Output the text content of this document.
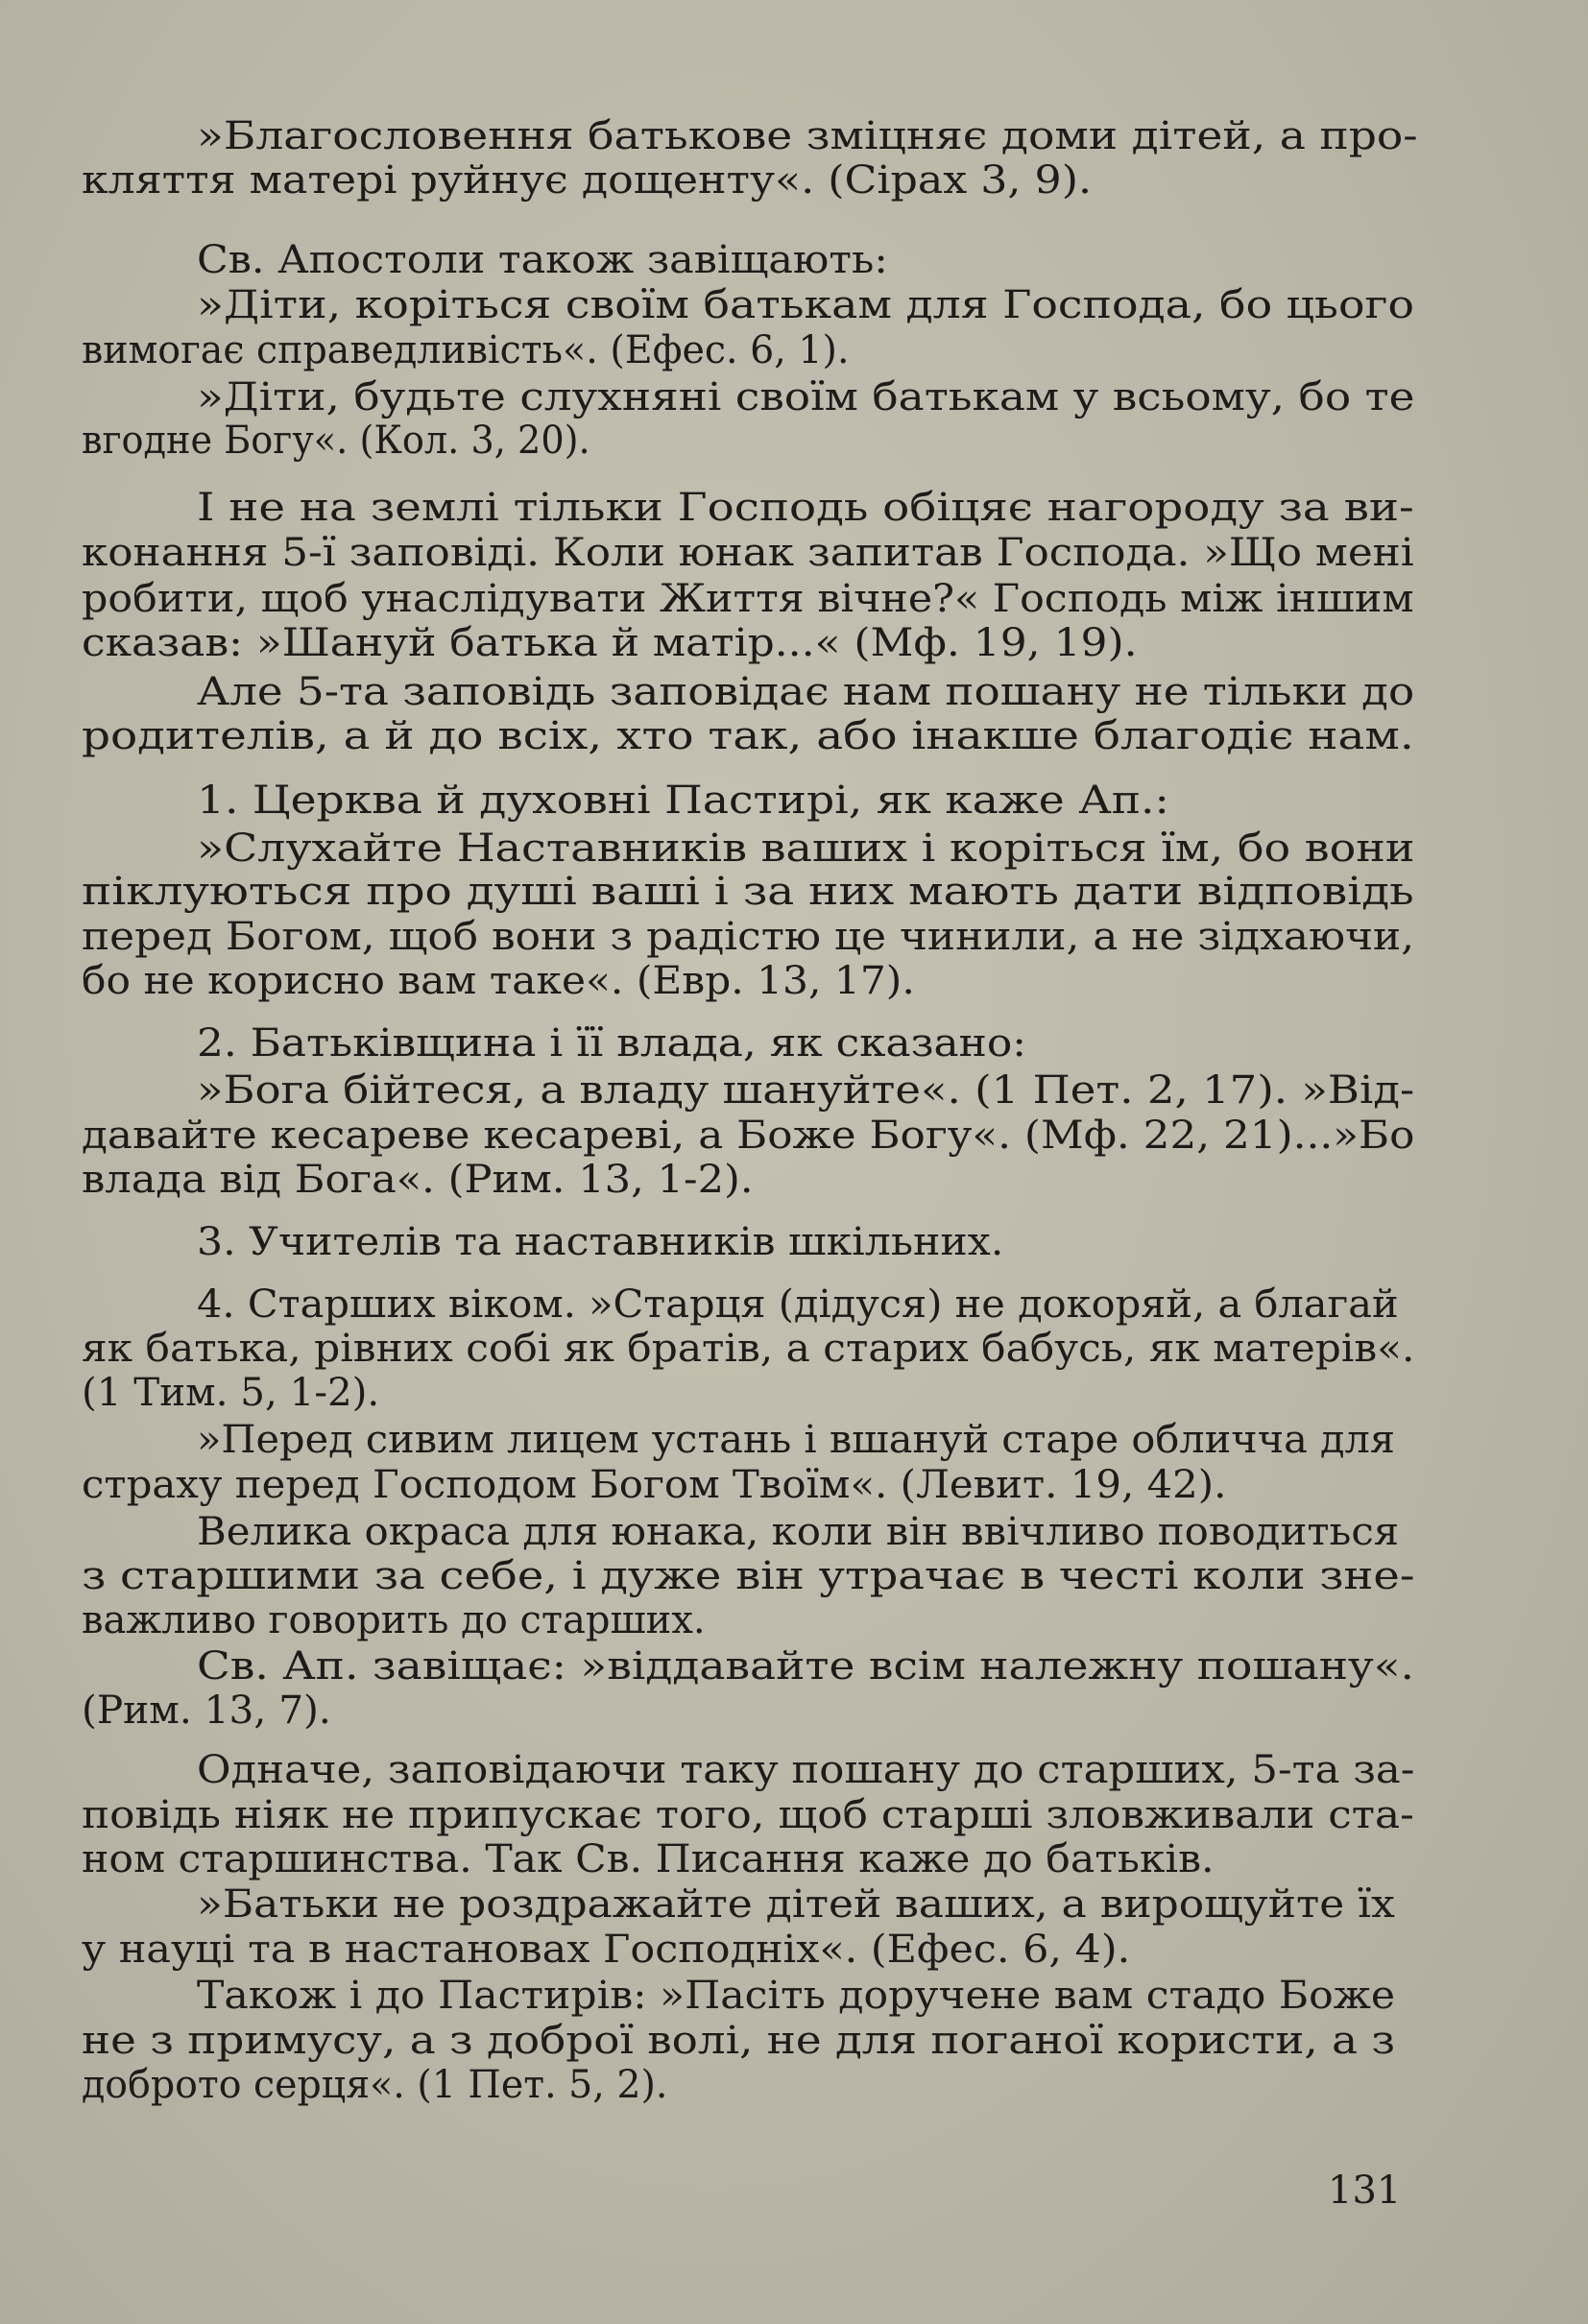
»Благословення батькове зміцняє доми дітей, а про-
кляття матері руйнує дощенту«. (Сірах 3, 9).
Св. Апостоли також завіщають:
»Діти, коріться своїм батькам для Господа, бо цього
вимогає справедливість«. (Ефес. 6, 1).
»Діти, будьте слухняні своїм батькам у всьому, бо те
вгодне Богу«. (Кол. 3, 20).
І не на землі тільки Господь обіцяє нагороду за ви-
конання 5-ї заповіді. Коли юнак запитав Господа. »Що мені
робити, щоб унаслідувати Життя вічне?« Господь між іншим
сказав: »Шануй батька й матір...« (Мф. 19, 19).
Але 5-та заповідь заповідає нам пошану не тільки до
родителів, а й до всіх, хто так, або інакше благодіє нам.
1. Церква й духовні Пастирі, як каже Ап.:
»Слухайте Наставників ваших і коріться їм, бо вони
піклуються про душі ваші і за них мають дати відповідь
перед Богом, щоб вони з радістю це чинили, а не зідхаючи,
бо не корисно вам таке«. (Евр. 13, 17).
2. Батьківщина і її влада, як сказано:
»Бога бійтеся, а владу шануйте«. (1 Пет. 2, 17). »Від-
давайте кесареве кесареві, а Боже Богу«. (Мф. 22, 21)...»Бо
влада від Бога«. (Рим. 13, 1-2).
3. Учителів та наставників шкільних.
4. Старших віком. »Старця (дідуся) не докоряй, а благай
як батька, рівних собі як братів, а старих бабусь, як матерів«.
(1 Тим. 5, 1-2).
»Перед сивим лицем устань і вшануй старе обличча для
страху перед Господом Богом Твоїм«. (Левит. 19, 42).
Велика окраса для юнака, коли він ввічливо поводиться
з старшими за себе, і дуже він утрачає в честі коли зне-
важливо говорить до старших.
Св. Ап. завіщає: »віддавайте всім належну пошану«.
(Рим. 13, 7).
Одначе, заповідаючи таку пошану до старших, 5-та за-
повідь ніяк не припускає того, щоб старші зловживали ста-
ном старшинства. Так Св. Писання каже до батьків.
»Батьки не роздражайте дітей ваших, а вирощуйте їх
у науці та в настановах Господніх«. (Ефес. 6, 4).
Також і до Пастирів: »Пасіть доручене вам стадо Боже
не з примусу, а з доброї волі, не для поганої користи, а з
доброто серця«. (1 Пет. 5, 2).
131
